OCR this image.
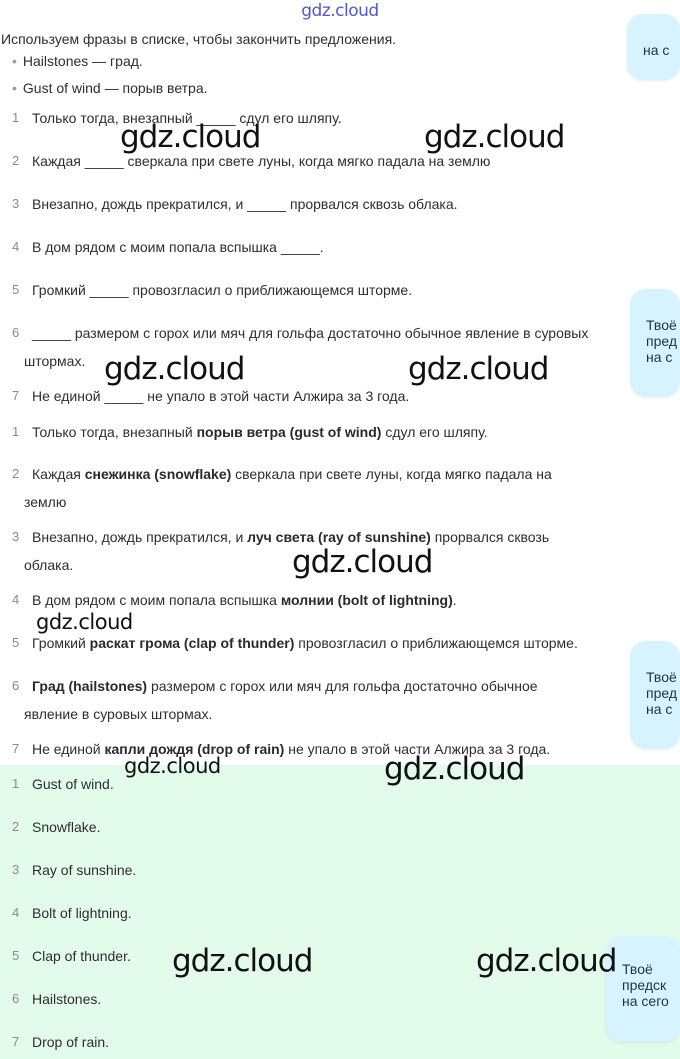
gdz.cloud
Используем фразы в списке, чтобы закончить предложения.
• Hailstones — град.
• Gust of wind — порыв ветра.
1 Только тогда, внезапный _____ сдул его шляпу.
2 Каждая _____ сверкала при свете луны, когда мягко падала на землю
3 Внезапно, дождь прекратился, и _____ прорвался сквозь облака.
4 В дом рядом с моим попала вспышка _____.
5 Громкий _____ провозгласил о приближающемся шторме.
6 _____ размером с горох или мяч для гольфа достаточно обычное явление в суровых
штормах.
7 Не единой _____ не упало в этой части Алжира за 3 года.
1 Только тогда, внезапный порыв ветра (gust of wind) сдул его шляпу.
2 Каждая снежинка (snowflake) сверкала при свете луны, когда мягко падала на
землю
3 Внезапно, дождь прекратился, и луч света (ray of sunshine) прорвался сквозь
облака.
4 В дом рядом с моим попала вспышка молнии (bolt of lightning).
5 Громкий раскат грома (clap of thunder) провозгласил о приближающемся шторме.
6 Град (hailstones) размером с горох или мяч для гольфа достаточно обычное
явление в суровых штормах.
7 Не единой капли дождя (drop of rain) не упало в этой части Алжира за 3 года.
1 Gust of wind.
2 Snowflake.
3 Ray of sunshine.
4 Bolt of lightning.
5 Clap of thunder.
6 Hailstones.
7 Drop of rain.
на с
Твоё
пред
на с
Твоё
пред
на с
Твоё
предск
на сего
gdz.cloud	gdz.cloud
gdz.cloud	gdz.cloud
gdz.cloud
gdz.cloud
gdz.cloud	gdz.cloud
gdz.cloud	gdz.cloud
